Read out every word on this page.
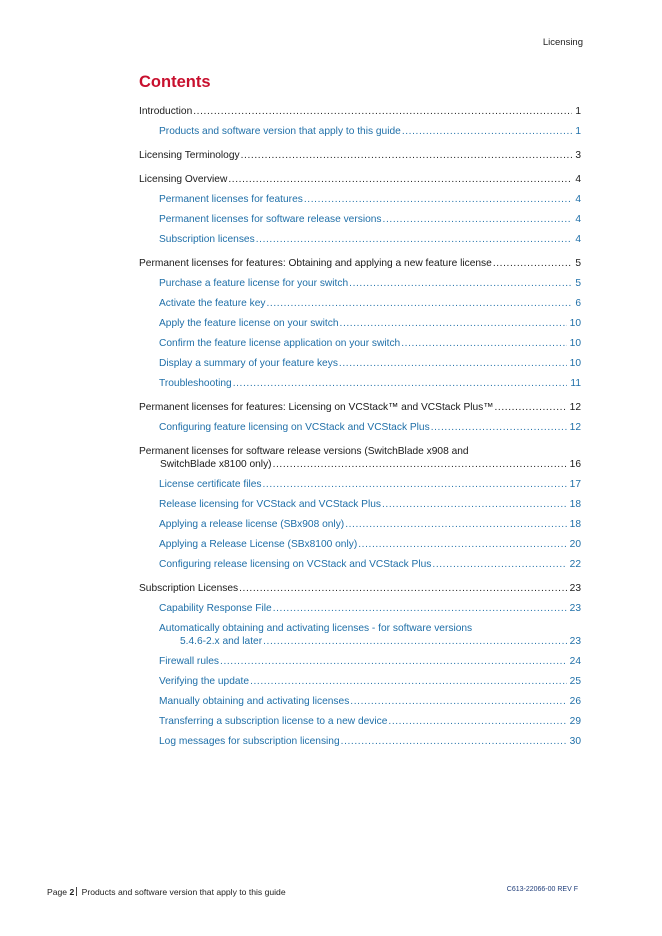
Licensing
Contents
Introduction .....	1
Products and software version that apply to this guide .....	1
Licensing Terminology .....	3
Licensing Overview .....	4
Permanent licenses for features .....	4
Permanent licenses for software release versions .....	4
Subscription licenses .....	4
Permanent licenses for features: Obtaining and applying a new feature license .....	5
Purchase a feature license for your switch .....	5
Activate the feature key .....	6
Apply the feature license on your switch .....	10
Confirm the feature license application on your switch .....	10
Display a summary of your feature keys .....	10
Troubleshooting .....	11
Permanent licenses for features: Licensing on VCStack™ and VCStack Plus™ .....	12
Configuring feature licensing on VCStack and VCStack Plus .....	12
Permanent licenses for software release versions (SwitchBlade x908 and
SwitchBlade x8100 only) .....	16
License certificate files .....	17
Release licensing for VCStack and VCStack Plus .....	18
Applying a release license (SBx908 only) .....	18
Applying a Release License (SBx8100 only) .....	20
Configuring release licensing on VCStack and VCStack Plus .....	22
Subscription Licenses .....	23
Capability Response File .....	23
Automatically obtaining and activating licenses - for software versions
5.4.6-2.x and later .....	23
Firewall rules .....	24
Verifying the update .....	25
Manually obtaining and activating licenses .....	26
Transferring a subscription license to a new device .....	29
Log messages for subscription licensing .....	30
Page 2 Products and software version that apply to this guide	C613-22066-00 REV F
